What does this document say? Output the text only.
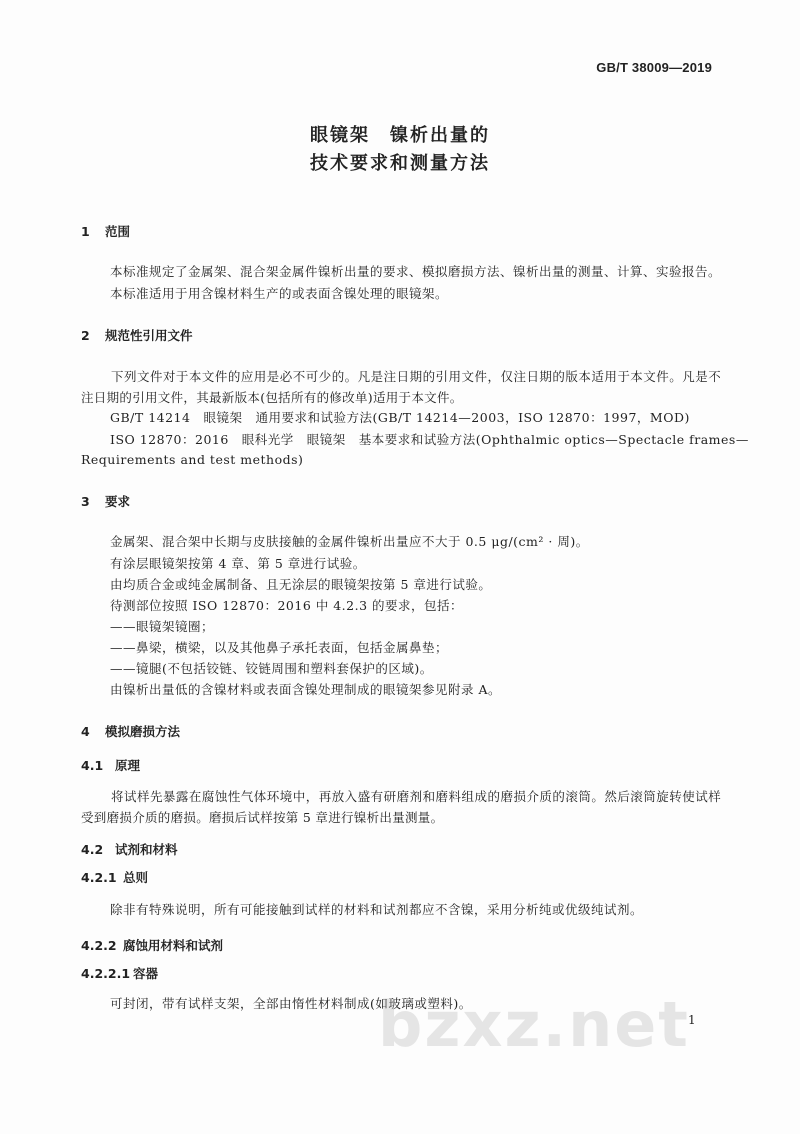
GB/T 38009—2019
眼镜架　镍析出量的
技术要求和测量方法
1 范围
本标准规定了金属架、混合架金属件镍析出量的要求、模拟磨损方法、镍析出量的测量、计算、实验报告。
本标准适用于用含镍材料生产的或表面含镍处理的眼镜架。
2 规范性引用文件
下列文件对于本文件的应用是必不可少的。凡是注日期的引用文件，仅注日期的版本适用于本文件。凡是不注日期的引用文件，其最新版本(包括所有的修改单)适用于本文件。
GB/T 14214　眼镜架　通用要求和试验方法(GB/T 14214—2003，ISO 12870：1997，MOD)
ISO 12870：2016　眼科光学　眼镜架　基本要求和试验方法(Ophthalmic optics—Spectacle frames—
Requirements and test methods)
3 要求
金属架、混合架中长期与皮肤接触的金属件镍析出量应不大于 0.5 μg/(cm² · 周)。
有涂层眼镜架按第 4 章、第 5 章进行试验。
由均质合金或纯金属制备、且无涂层的眼镜架按第 5 章进行试验。
待测部位按照 ISO 12870：2016 中 4.2.3 的要求，包括：
——眼镜架镜圈；
——鼻梁，横梁，以及其他鼻子承托表面，包括金属鼻垫；
——镜腿(不包括铰链、铰链周围和塑料套保护的区域)。
由镍析出量低的含镍材料或表面含镍处理制成的眼镜架参见附录 A。
4 模拟磨损方法
4.1 原理
将试样先暴露在腐蚀性气体环境中，再放入盛有研磨剂和磨料组成的磨损介质的滚筒。然后滚筒旋转使试样受到磨损介质的磨损。磨损后试样按第 5 章进行镍析出量测量。
4.2 试剂和材料
4.2.1 总则
除非有特殊说明，所有可能接触到试样的材料和试剂都应不含镍，采用分析纯或优级纯试剂。
4.2.2 腐蚀用材料和试剂
4.2.2.1 容器
可封闭，带有试样支架，全部由惰性材料制成(如玻璃或塑料)。
bzxz.net
1
